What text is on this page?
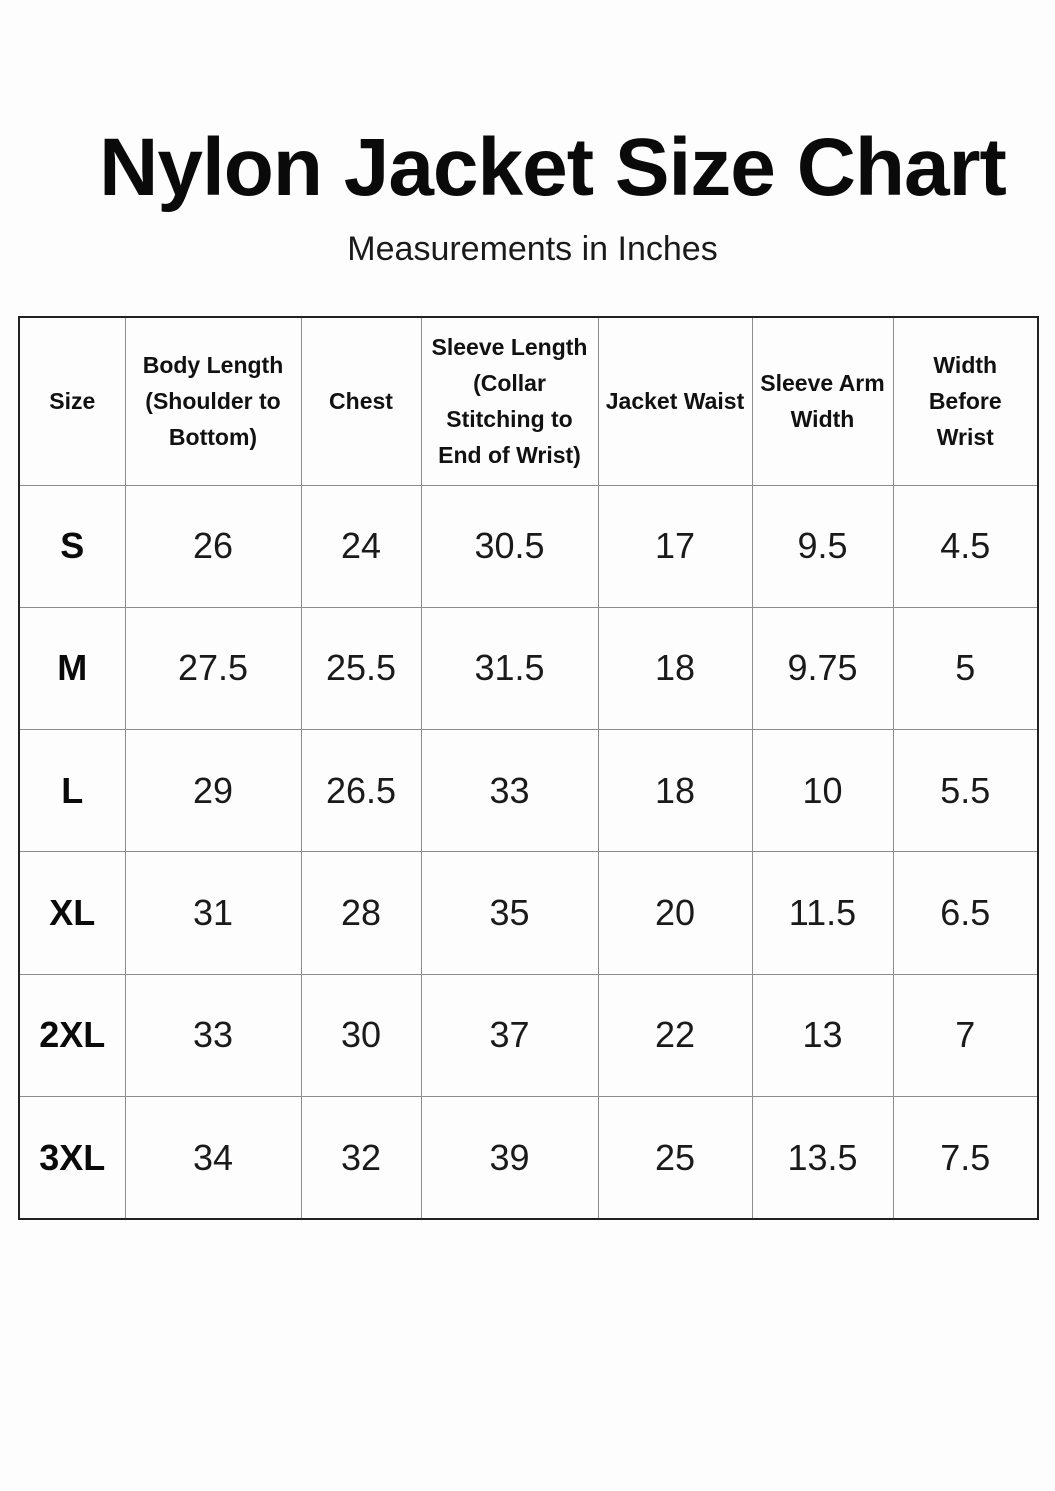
Nylon Jacket Size Chart
Measurements in Inches
Size	Body Length (Shoulder to Bottom)	Chest	Sleeve Length (Collar Stitching to End of Wrist)	Jacket Waist	Sleeve Arm Width	Width Before Wrist
S	26	24	30.5	17	9.5	4.5
M	27.5	25.5	31.5	18	9.75	5
L	29	26.5	33	18	10	5.5
XL	31	28	35	20	11.5	6.5
2XL	33	30	37	22	13	7
3XL	34	32	39	25	13.5	7.5
